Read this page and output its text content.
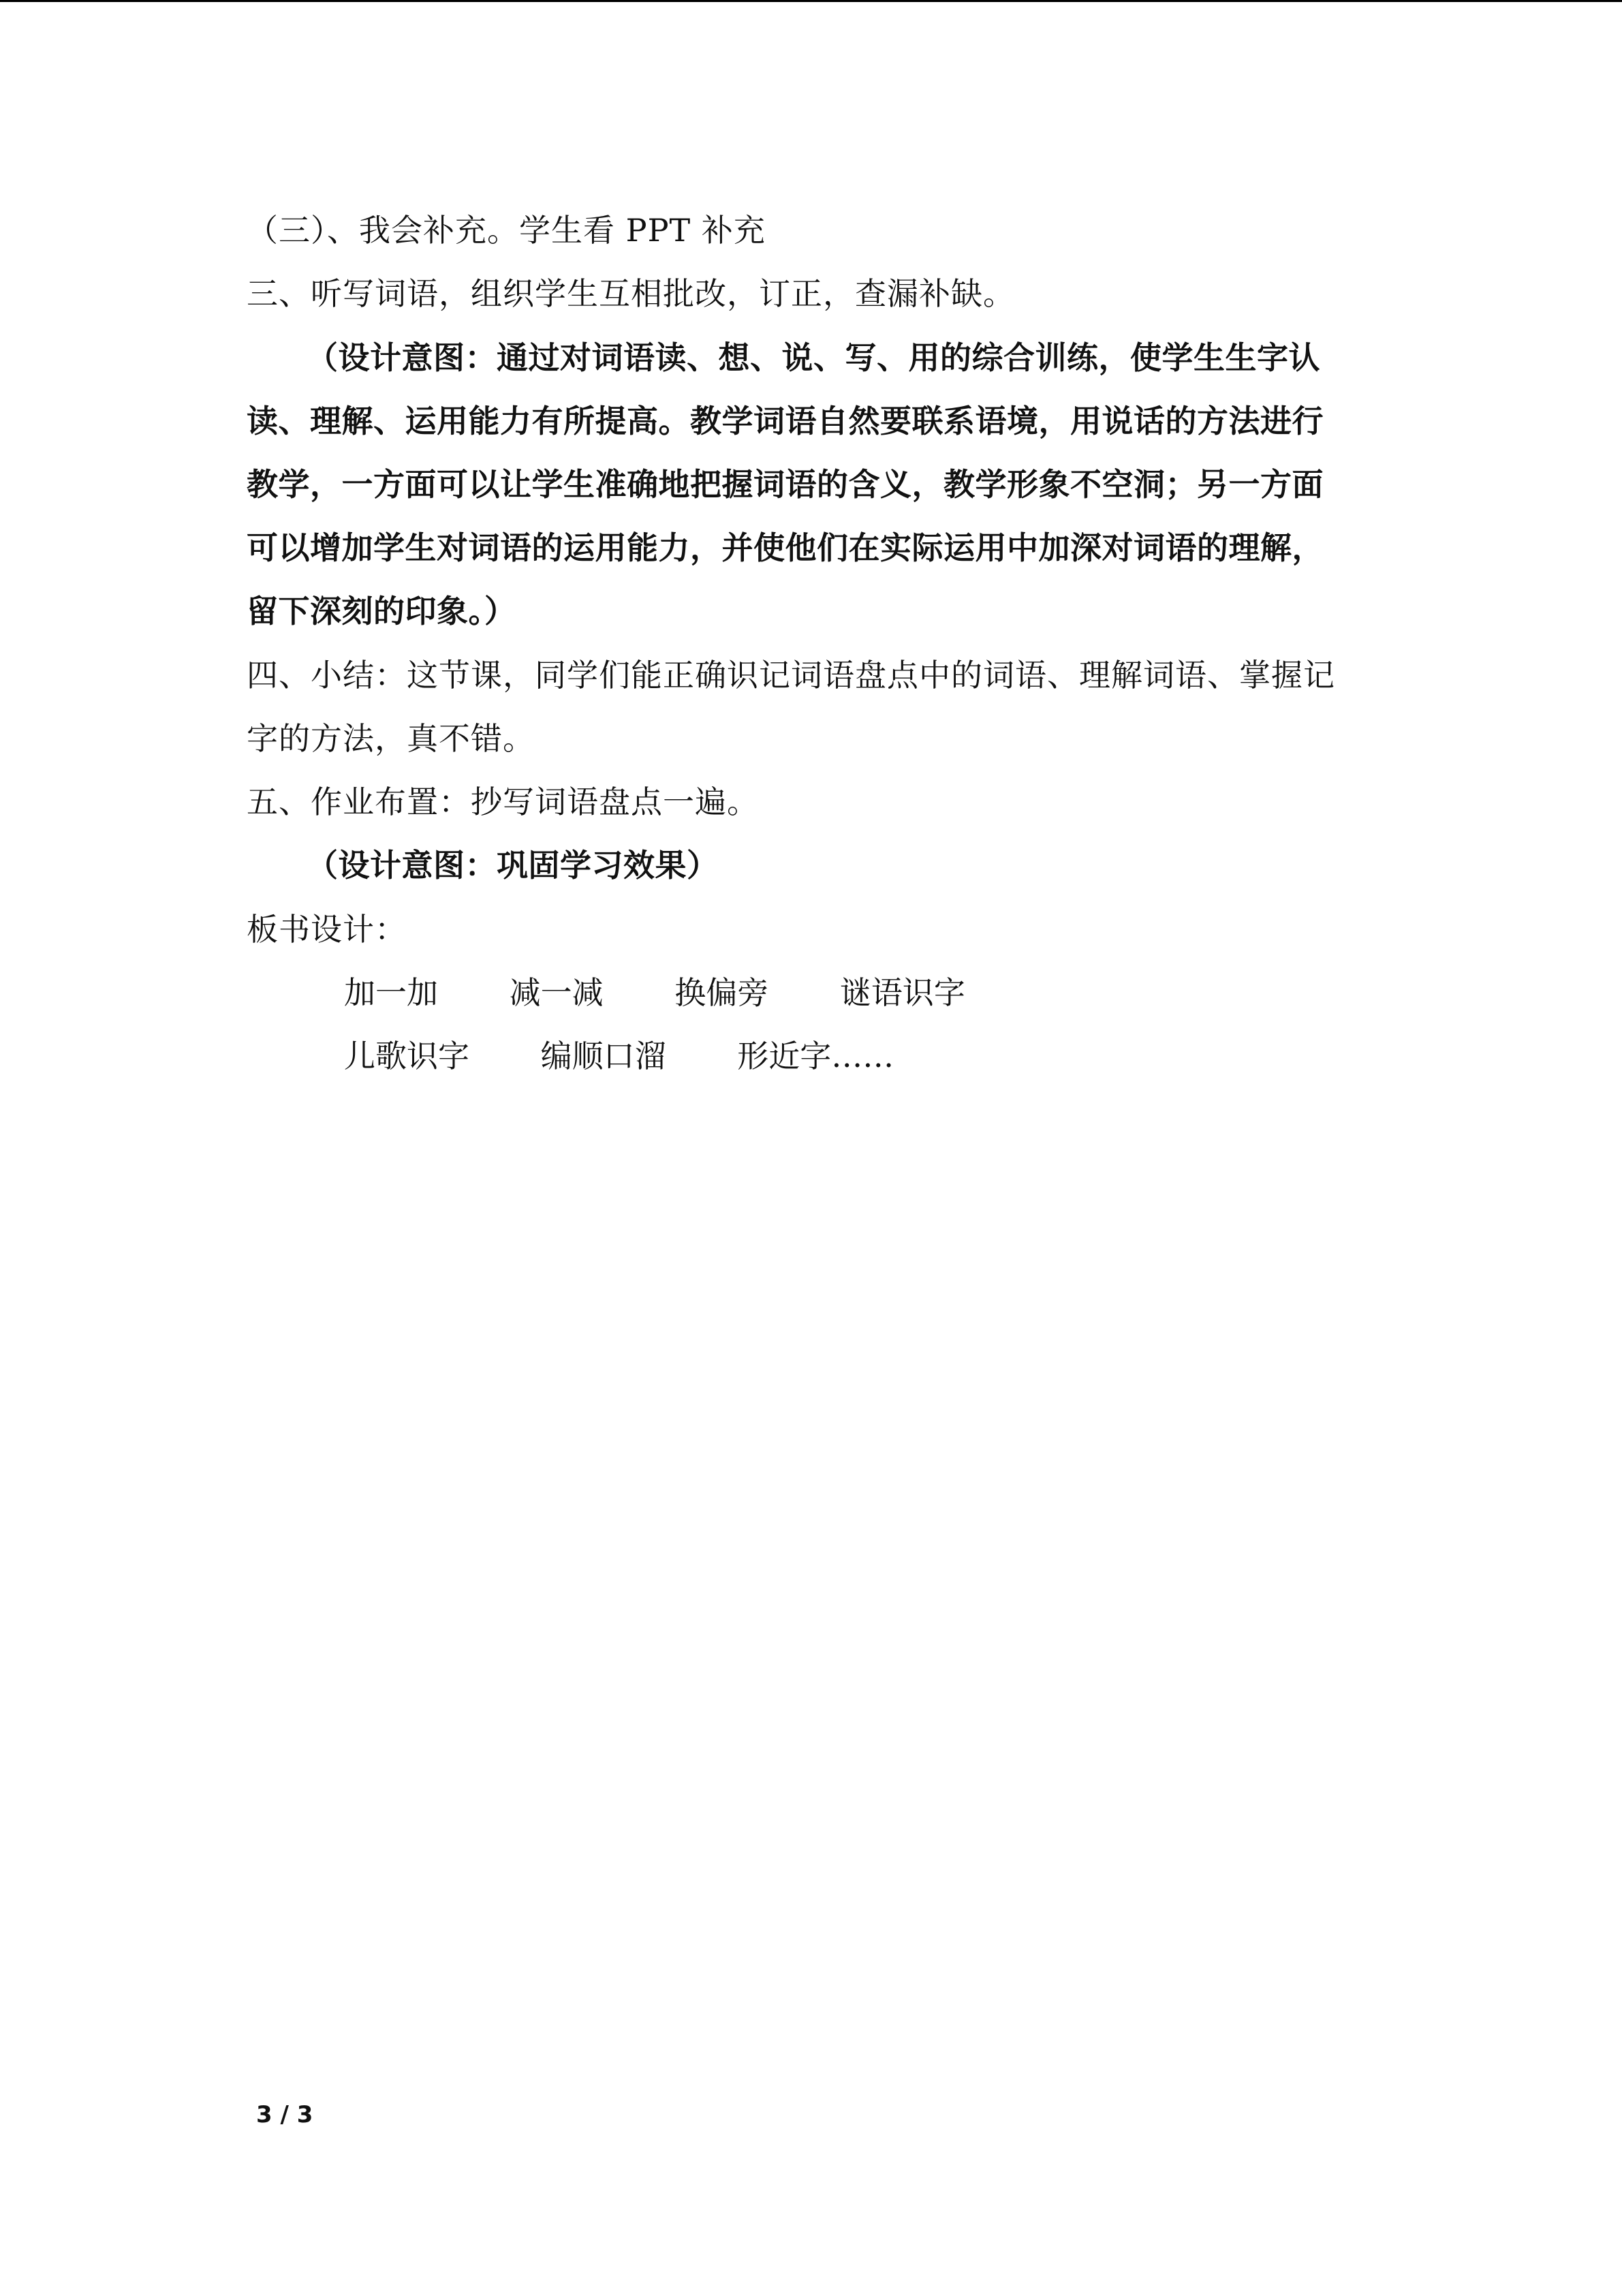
（三）、我会补充。学生看 PPT 补充
三、听写词语，组织学生互相批改，订正，查漏补缺。
（设计意图：通过对词语读、想、说、写、用的综合训练，使学生生字认
读、理解、运用能力有所提高。教学词语自然要联系语境，用说话的方法进行
教学，一方面可以让学生准确地把握词语的含义，教学形象不空洞；另一方面
可以增加学生对词语的运用能力，并使他们在实际运用中加深对词语的理解，
留下深刻的印象。）
四、小结：这节课，同学们能正确识记词语盘点中的词语、理解词语、掌握记
字的方法，真不错。
五、作业布置：抄写词语盘点一遍。
（设计意图：巩固学习效果）
板书设计：
加一加 减一减 换偏旁 谜语识字
儿歌识字 编顺口溜 形近字……
3 / 3
